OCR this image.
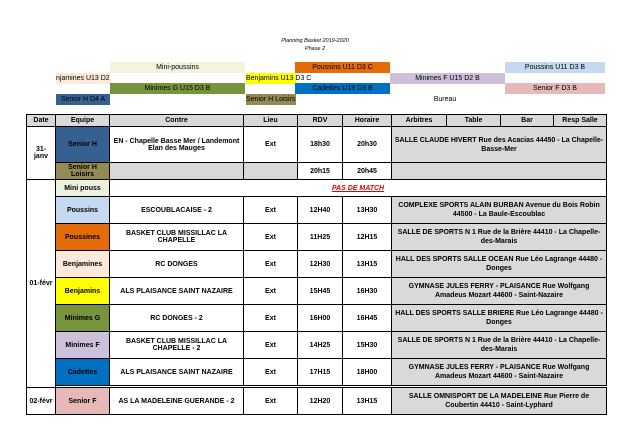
Planning Basket 2019-2020
Phase 2
Mini-poussins	Poussins U11 D3 C	Poussins U11 D3 B
njamines U13 D2	Benjamins U13 D3 C	Minimes F U15 D2 B
Minimes G U15 D3 B	Cadettes U18 D3 B	Senior F D3 B
Senior H D4 A	Senior H Loisirs	Bureau
Date	Equipe	Contre	Lieu	RDV	Horaire	Arbitres	Table	Bar	Resp Salle
31-janv	Senior H	EN - Chapelle Basse Mer / Landemont Elan des Mauges	Ext	18h30	20h30	SALLE CLAUDE HIVERT Rue des Acacias 44450 - La Chapelle-Basse-Mer			
	Senior H Loisirs			20h15	20h45				
01-févr	Mini pouss	PAS DE MATCH							
	Poussins	ESCOUBLACAISE - 2	Ext	12H40	13H30	COMPLEXE SPORTS ALAIN BURBAN Avenue du Bois Robin 44500 - La Baule-Escoublac			
	Poussines	BASKET CLUB MISSILLAC LA CHAPELLE	Ext	11H25	12H15	SALLE DE SPORTS N 1 Rue de la Brière 44410 - La Chapelle-des-Marais			
	Benjamines	RC DONGES	Ext	12H30	13H15	HALL DES SPORTS SALLE OCEAN Rue Léo Lagrange 44480 - Donges			
	Benjamins	ALS PLAISANCE SAINT NAZAIRE	Ext	15H45	16H30	GYMNASE JULES FERRY - PLAISANCE Rue Wolfgang Amadeus Mozart 44600 - Saint-Nazaire			
	Minimes G	RC DONGES - 2	Ext	16H00	16H45	HALL DES SPORTS SALLE BRIERE Rue Léo Lagrange 44480 - Donges			
	Minimes F	BASKET CLUB MISSILLAC LA CHAPELLE - 2	Ext	14H25	15H30	SALLE DE SPORTS N 1 Rue de la Brière 44410 - La Chapelle-des-Marais			
	Cadettes	ALS PLAISANCE SAINT NAZAIRE	Ext	17H15	18H00	GYMNASE JULES FERRY - PLAISANCE Rue Wolfgang Amadeus Mozart 44600 - Saint-Nazaire			

02-févr	Senior F	AS LA MADELEINE GUERANDE - 2	Ext	12H20	13H15	SALLE OMNISPORT DE LA MADELEINE Rue Pierre de Coubertin 44410 - Saint-Lyphard			
